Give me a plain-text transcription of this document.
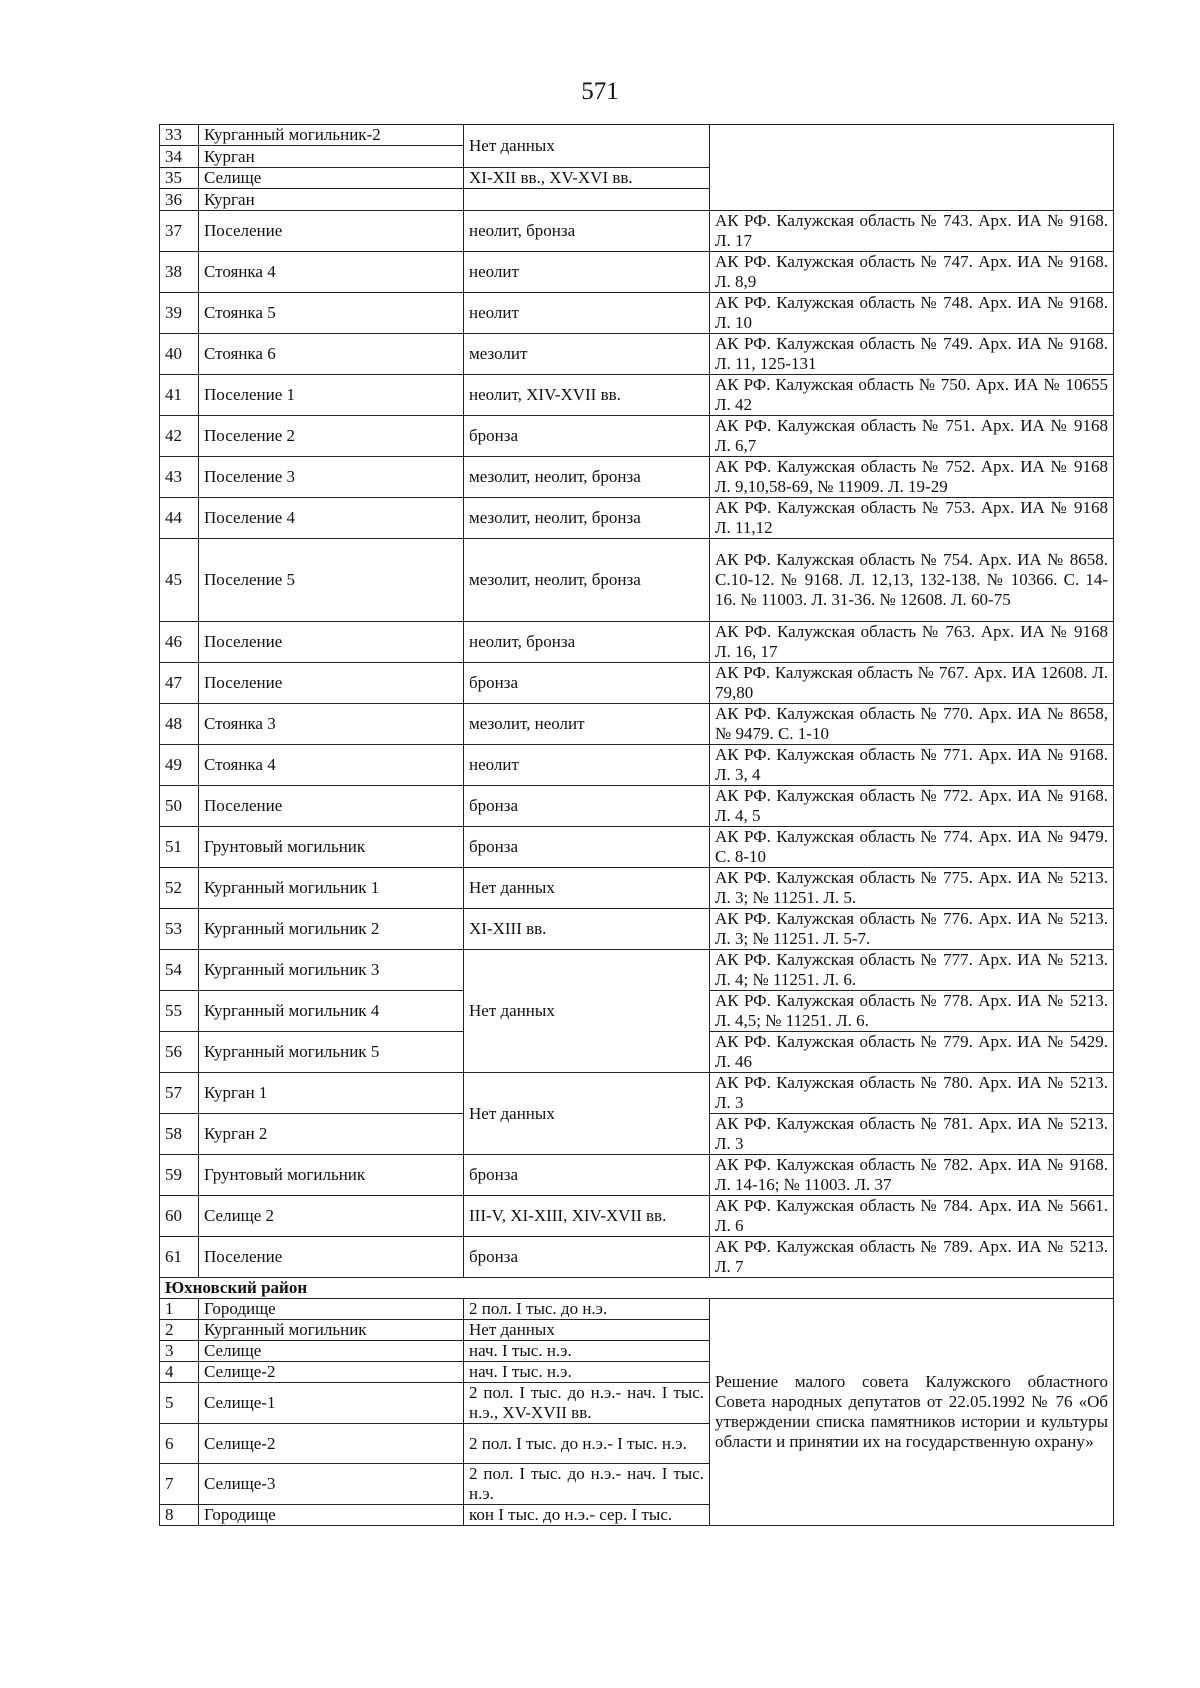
571
33	Курганный могильник-2	Нет данных	
34	Курган		
35	Селище	XI-XII вв., XV-XVI вв.	
36	Курган		
37	Поселение	неолит, бронза	АК РФ. Калужская область № 743. Арх. ИА № 9168. Л. 17
38	Стоянка 4	неолит	АК РФ. Калужская область № 747. Арх. ИА № 9168. Л. 8,9
39	Стоянка 5	неолит	АК РФ. Калужская область № 748. Арх. ИА № 9168. Л. 10
40	Стоянка 6	мезолит	АК РФ. Калужская область № 749. Арх. ИА № 9168. Л. 11, 125-131
41	Поселение 1	неолит, XIV-XVII вв.	АК РФ. Калужская область № 750. Арх. ИА № 10655 Л. 42
42	Поселение 2	бронза	АК РФ. Калужская область № 751. Арх. ИА № 9168 Л. 6,7
43	Поселение 3	мезолит, неолит, бронза	АК РФ. Калужская область № 752. Арх. ИА № 9168 Л. 9,10,58-69, № 11909. Л. 19-29
44	Поселение 4	мезолит, неолит, бронза	АК РФ. Калужская область № 753. Арх. ИА № 9168 Л. 11,12
45	Поселение 5	мезолит, неолит, бронза	АК РФ. Калужская область № 754. Арх. ИА № 8658. С.10-12. № 9168. Л. 12,13, 132-138. № 10366. С. 14-16. № 11003. Л. 31-36. № 12608. Л. 60-75
46	Поселение	неолит, бронза	АК РФ. Калужская область № 763. Арх. ИА № 9168 Л. 16, 17
47	Поселение	бронза	АК РФ. Калужская область № 767. Арх. ИА 12608. Л. 79,80
48	Стоянка 3	мезолит, неолит	АК РФ. Калужская область № 770. Арх. ИА № 8658, № 9479. С. 1-10
49	Стоянка 4	неолит	АК РФ. Калужская область № 771. Арх. ИА № 9168. Л. 3, 4
50	Поселение	бронза	АК РФ. Калужская область № 772. Арх. ИА № 9168. Л. 4, 5
51	Грунтовый могильник	бронза	АК РФ. Калужская область № 774. Арх. ИА № 9479. С. 8-10
52	Курганный могильник 1	Нет данных	АК РФ. Калужская область № 775. Арх. ИА № 5213. Л. 3; № 11251. Л. 5.
53	Курганный могильник 2	XI-XIII вв.	АК РФ. Калужская область № 776. Арх. ИА № 5213. Л. 3; № 11251. Л. 5-7.
54	Курганный могильник 3	Нет данных	АК РФ. Калужская область № 777. Арх. ИА № 5213. Л. 4; № 11251. Л. 6.
55	Курганный могильник 4		АК РФ. Калужская область № 778. Арх. ИА № 5213. Л. 4,5; № 11251. Л. 6.
56	Курганный могильник 5		АК РФ. Калужская область № 779. Арх. ИА № 5429. Л. 46
57	Курган 1	Нет данных	АК РФ. Калужская область № 780. Арх. ИА № 5213. Л. 3
58	Курган 2		АК РФ. Калужская область № 781. Арх. ИА № 5213. Л. 3
59	Грунтовый могильник	бронза	АК РФ. Калужская область № 782. Арх. ИА № 9168. Л. 14-16; № 11003. Л. 37
60	Селище 2	III-V, XI-XIII, XIV-XVII вв.	АК РФ. Калужская область № 784. Арх. ИА № 5661. Л. 6
61	Поселение	бронза	АК РФ. Калужская область № 789. Арх. ИА № 5213. Л. 7
Юхновский район			
1	Городище	2 пол. I тыс. до н.э.	Решение малого совета Калужского областного Совета народных депутатов от 22.05.1992 № 76 «Об утверждении списка памятников истории и культуры области и принятии их на государственную охрану»
2	Курганный могильник	Нет данных	
3	Селище	нач. I тыс. н.э.	
4	Селище-2	нач. I тыс. н.э.	
5	Селище-1	2 пол. I тыс. до н.э.- нач. I тыс. н.э., XV-XVII вв.	
6	Селище-2	2 пол. I тыс. до н.э.- I тыс. н.э.	
7	Селище-3	2 пол. I тыс. до н.э.- нач. I тыс. н.э.	
8	Городище	кон I тыс. до н.э.- сер. I тыс.	
